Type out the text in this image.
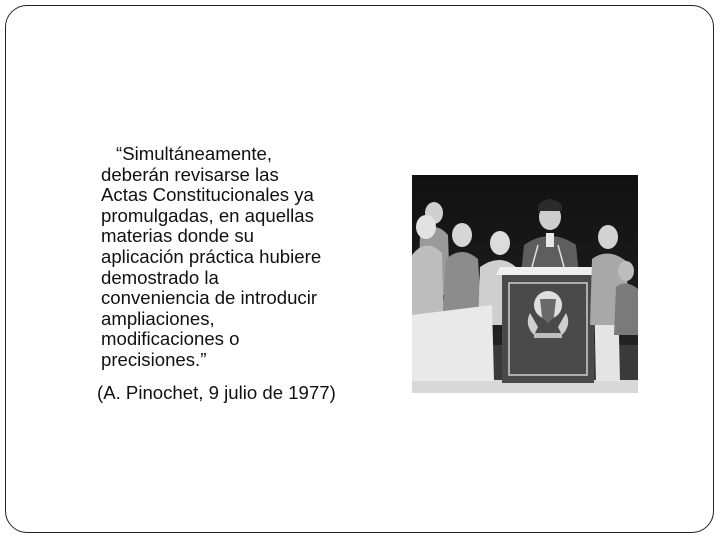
“Simultáneamente,
deberán revisarse las
Actas Constitucionales ya
promulgadas, en aquellas
materias donde su
aplicación práctica hubiere
demostrado la
conveniencia de introducir
ampliaciones,
modificaciones o
precisiones.”
(A. Pinochet, 9 julio de 1977)
